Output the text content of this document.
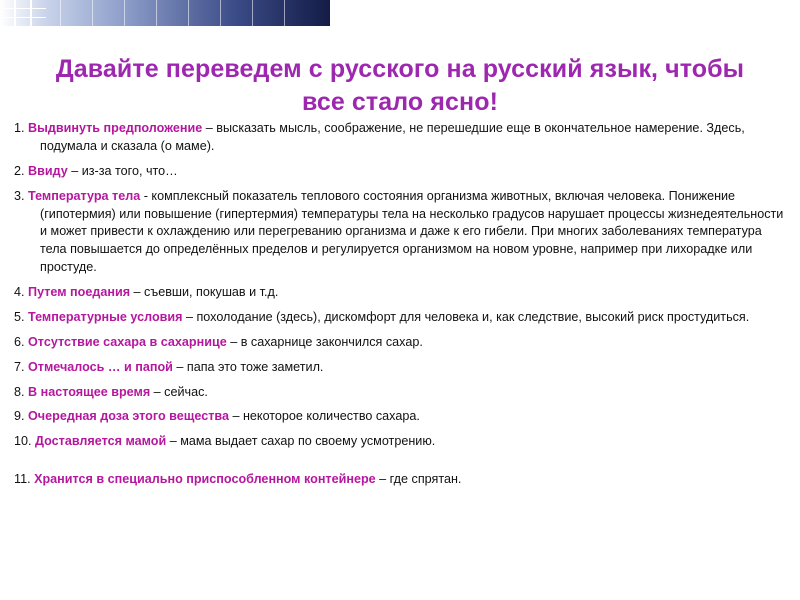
Давайте переведем с русского на русский язык, чтобы все стало ясно!
1. Выдвинуть предположение – высказать мысль, соображение, не перешедшие еще в окончательное намерение. Здесь, подумала и сказала (о маме).
2. Ввиду – из-за того, что…
3. Температура тела - комплексный показатель теплового состояния организма животных, включая человека. Понижение (гипотермия) или повышение (гипертермия) температуры тела на несколько градусов нарушает процессы жизнедеятельности и может привести к охлаждению или перегреванию организма и даже к его гибели. При многих заболеваниях температура тела повышается до определённых пределов и регулируется организмом на новом уровне, например при лихорадке или простуде.
4. Путем поедания – съевши, покушав и т.д.
5. Температурные условия – похолодание (здесь), дискомфорт для человека и, как следствие, высокий риск простудиться.
6. Отсутствие сахара в сахарнице – в сахарнице закончился сахар.
7. Отмечалось … и папой – папа это тоже заметил.
8. В настоящее время – сейчас.
9. Очередная доза этого вещества – некоторое количество сахара.
10. Доставляется мамой – мама выдает сахар по своему усмотрению.
11. Хранится в специально приспособленном контейнере – где спрятан.
